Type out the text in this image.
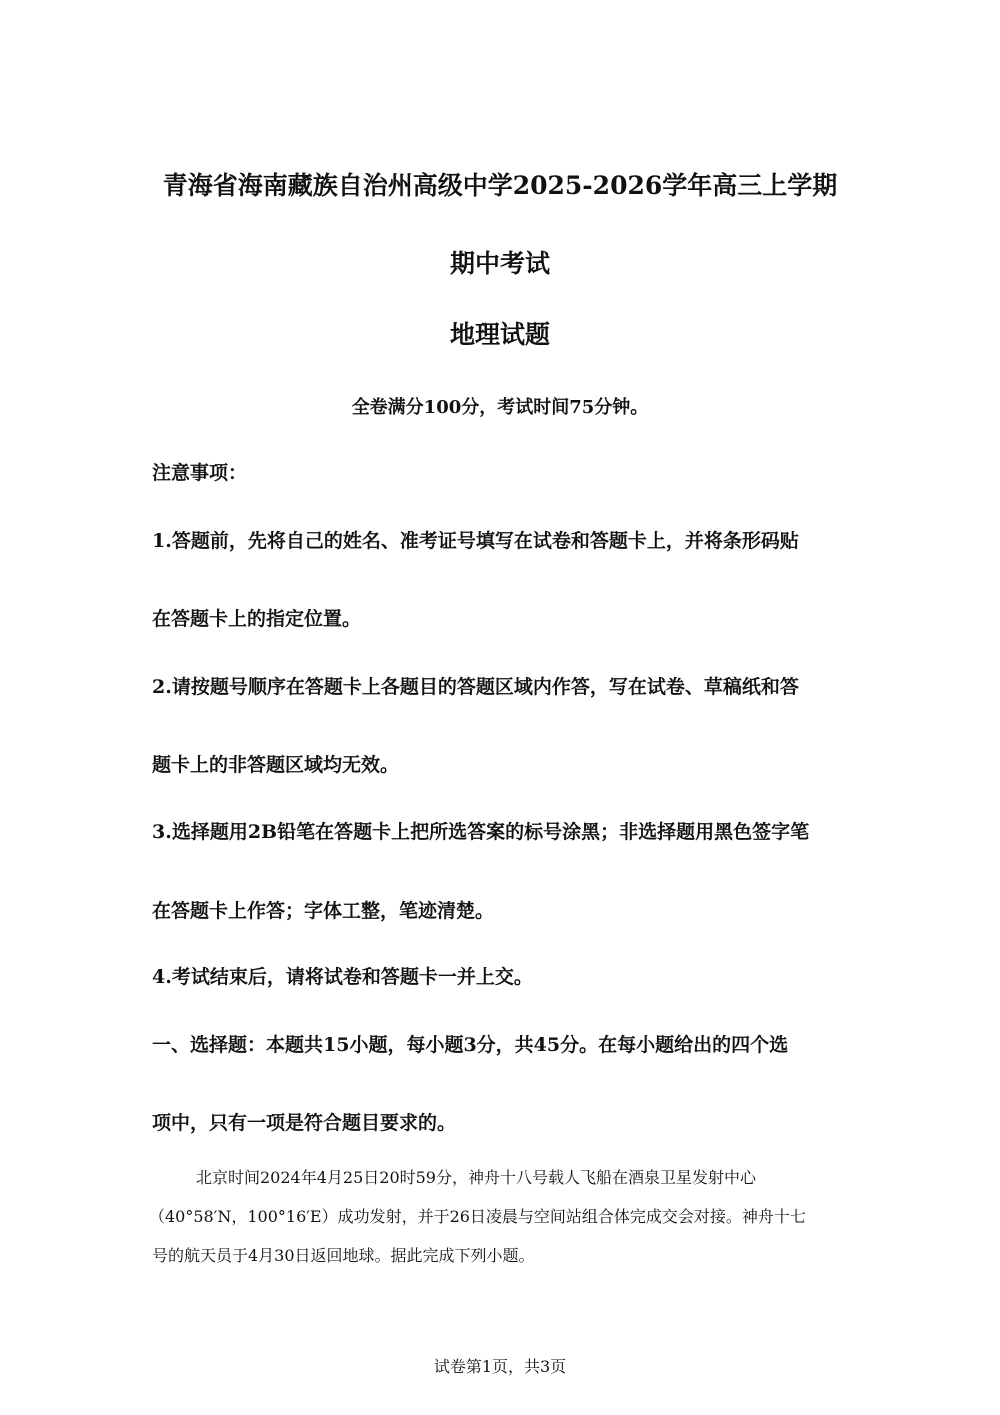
青海省海南藏族自治州高级中学2025-2026学年高三上学期
期中考试
地理试题
全卷满分100分，考试时间75分钟。
注意事项：
1.答题前，先将自己的姓名、准考证号填写在试卷和答题卡上，并将条形码贴
在答题卡上的指定位置。
2.请按题号顺序在答题卡上各题目的答题区域内作答，写在试卷、草稿纸和答
题卡上的非答题区域均无效。
3.选择题用2B铅笔在答题卡上把所选答案的标号涂黑；非选择题用黑色签字笔
在答题卡上作答；字体工整，笔迹清楚。
4.考试结束后，请将试卷和答题卡一并上交。
一、选择题：本题共15小题，每小题3分，共45分。在每小题给出的四个选
项中，只有一项是符合题目要求的。
北京时间2024年4月25日20时59分，神舟十八号载人飞船在酒泉卫星发射中心
（40°58′N，100°16′E）成功发射，并于26日凌晨与空间站组合体完成交会对接。神舟十七
号的航天员于4月30日返回地球。据此完成下列小题。
试卷第1页，共3页
